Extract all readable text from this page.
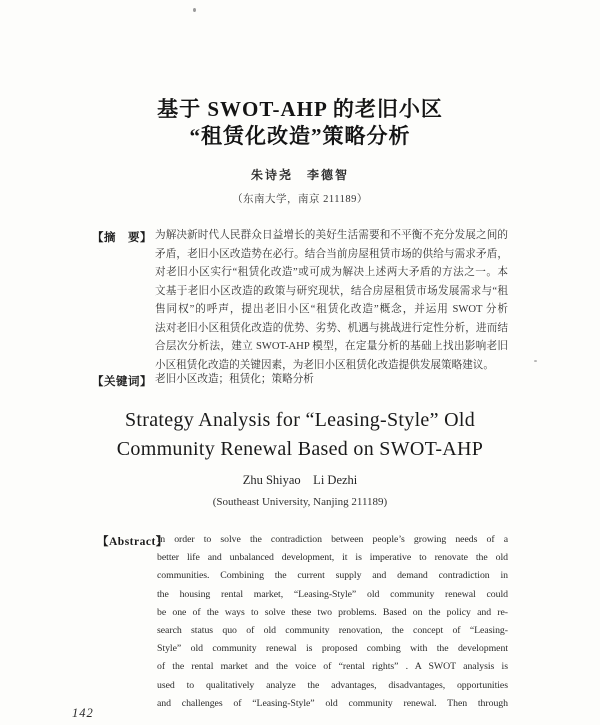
基于 SWOT-AHP 的老旧小区
“租赁化改造”策略分析
朱诗尧　李德智
（东南大学，南京 211189）
【摘　要】 为解决新时代人民群众日益增长的美好生活需要和不平衡不充分发展之间的
矛盾，老旧小区改造势在必行。结合当前房屋租赁市场的供给与需求矛盾，
对老旧小区实行“租赁化改造”或可成为解决上述两大矛盾的方法之一。本
文基于老旧小区改造的政策与研究现状，结合房屋租赁市场发展需求与“租
售同权”的呼声，提出老旧小区“租赁化改造”概念，并运用 SWOT 分析
法对老旧小区租赁化改造的优势、劣势、机遇与挑战进行定性分析，进而结
合层次分析法，建立 SWOT-AHP 模型，在定量分析的基础上找出影响老旧
小区租赁化改造的关键因素，为老旧小区租赁化改造提供发展策略建议。
【关键词】 老旧小区改造；租赁化；策略分析
Strategy Analysis for “Leasing-Style” Old
Community Renewal Based on SWOT-AHP
Zhu Shiyao　Li Dezhi
(Southeast University, Nanjing 211189)
【Abstract】
In order to solve the contradiction between people’s growing needs of a
better life and unbalanced development, it is imperative to renovate the old
communities. Combining the current supply and demand contradiction in
the housing rental market, “Leasing-Style” old community renewal could
be one of the ways to solve these two problems. Based on the policy and re-
search status quo of old community renovation, the concept of “Leasing-
Style” old community renewal is proposed combing with the development
of the rental market and the voice of “rental rights” . A SWOT analysis is
used to qualitatively analyze the advantages, disadvantages, opportunities
and challenges of “Leasing-Style” old community renewal. Then through
142
